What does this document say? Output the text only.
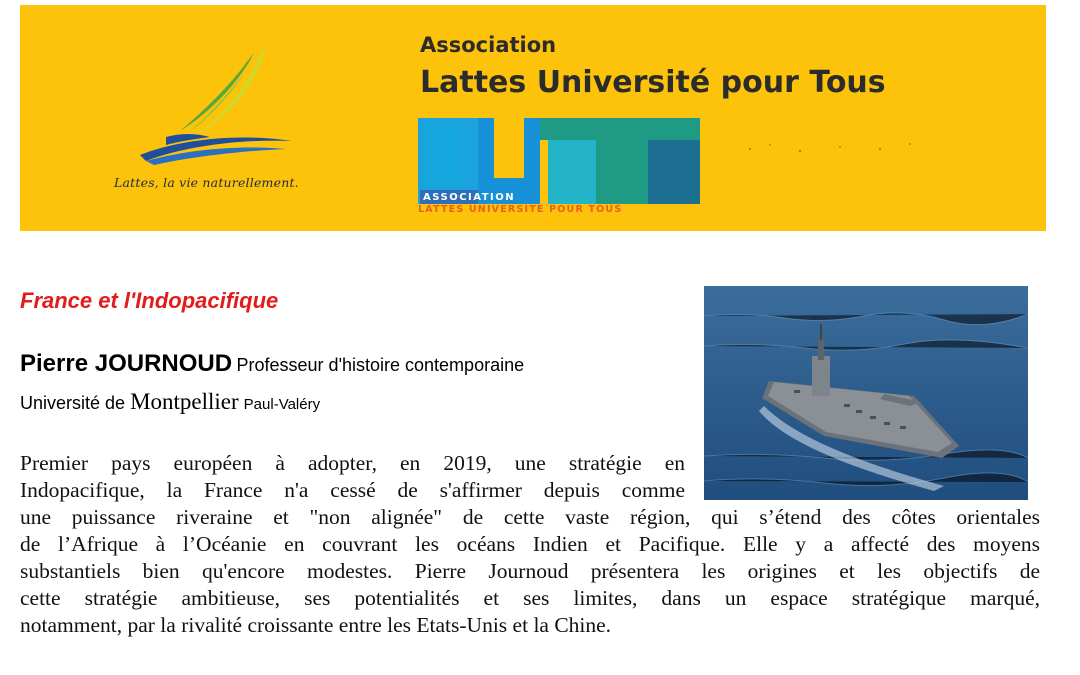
Lattes, la vie naturellement.
Association
Lattes Université pour Tous
ASSOCIATION
LATTES UNIVERSITE POUR TOUS
France et l'Indopacifique
Pierre JOURNOUD Professeur d'histoire contemporaine
Université de Montpellier Paul-Valéry
Premier pays européen à adopter, en 2019, une stratégie en
Indopacifique, la France n'a cessé de s'affirmer depuis comme
une puissance riveraine et "non alignée" de cette vaste région, qui s’étend des côtes orientales
de l’Afrique à l’Océanie en couvrant les océans Indien et Pacifique. Elle y a affecté des moyens
substantiels bien qu'encore modestes. Pierre Journoud présentera les origines et les objectifs de
cette stratégie ambitieuse, ses potentialités et ses limites, dans un espace stratégique marqué,
notamment, par la rivalité croissante entre les Etats-Unis et la Chine.
